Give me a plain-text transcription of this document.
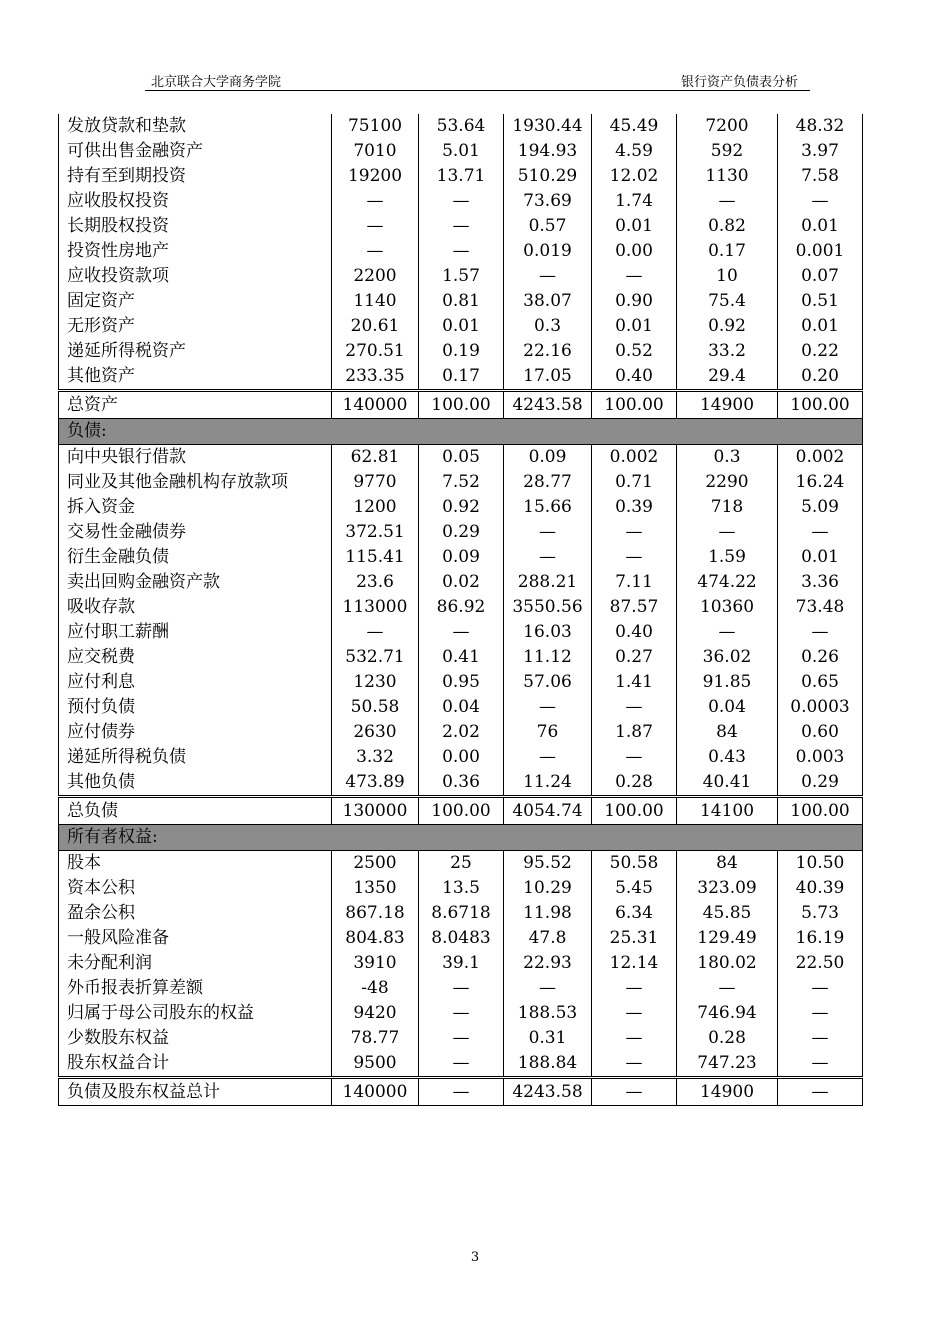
北京联合大学商务学院	银行资产负债表分析
发放贷款和垫款	75100	53.64	1930.44	45.49	7200	48.32
可供出售金融资产	7010	5.01	194.93	4.59	592	3.97
持有至到期投资	19200	13.71	510.29	12.02	1130	7.58
应收股权投资	—	—	73.69	1.74	—	—
长期股权投资	—	—	0.57	0.01	0.82	0.01
投资性房地产	—	—	0.019	0.00	0.17	0.001
应收投资款项	2200	1.57	—	—	10	0.07
固定资产	1140	0.81	38.07	0.90	75.4	0.51
无形资产	20.61	0.01	0.3	0.01	0.92	0.01
递延所得税资产	270.51	0.19	22.16	0.52	33.2	0.22
其他资产	233.35	0.17	17.05	0.40	29.4	0.20
总资产	140000	100.00	4243.58	100.00	14900	100.00
负债:						
向中央银行借款	62.81	0.05	0.09	0.002	0.3	0.002
同业及其他金融机构存放款项	9770	7.52	28.77	0.71	2290	16.24
拆入资金	1200	0.92	15.66	0.39	718	5.09
交易性金融债券	372.51	0.29	—	—	—	—
衍生金融负债	115.41	0.09	—	—	1.59	0.01
卖出回购金融资产款	23.6	0.02	288.21	7.11	474.22	3.36
吸收存款	113000	86.92	3550.56	87.57	10360	73.48
应付职工薪酬	—	—	16.03	0.40	—	—
应交税费	532.71	0.41	11.12	0.27	36.02	0.26
应付利息	1230	0.95	57.06	1.41	91.85	0.65
预付负债	50.58	0.04	—	—	0.04	0.0003
应付债券	2630	2.02	76	1.87	84	0.60
递延所得税负债	3.32	0.00	—	—	0.43	0.003
其他负债	473.89	0.36	11.24	0.28	40.41	0.29
总负债	130000	100.00	4054.74	100.00	14100	100.00
所有者权益:						
股本	2500	25	95.52	50.58	84	10.50
资本公积	1350	13.5	10.29	5.45	323.09	40.39
盈余公积	867.18	8.6718	11.98	6.34	45.85	5.73
一般风险准备	804.83	8.0483	47.8	25.31	129.49	16.19
未分配利润	3910	39.1	22.93	12.14	180.02	22.50
外币报表折算差额	-48	—	—	—	—	—
归属于母公司股东的权益	9420	—	188.53	—	746.94	—
少数股东权益	78.77	—	0.31	—	0.28	—
股东权益合计	9500	—	188.84	—	747.23	—
负债及股东权益总计	140000	—	4243.58	—	14900	—
3
